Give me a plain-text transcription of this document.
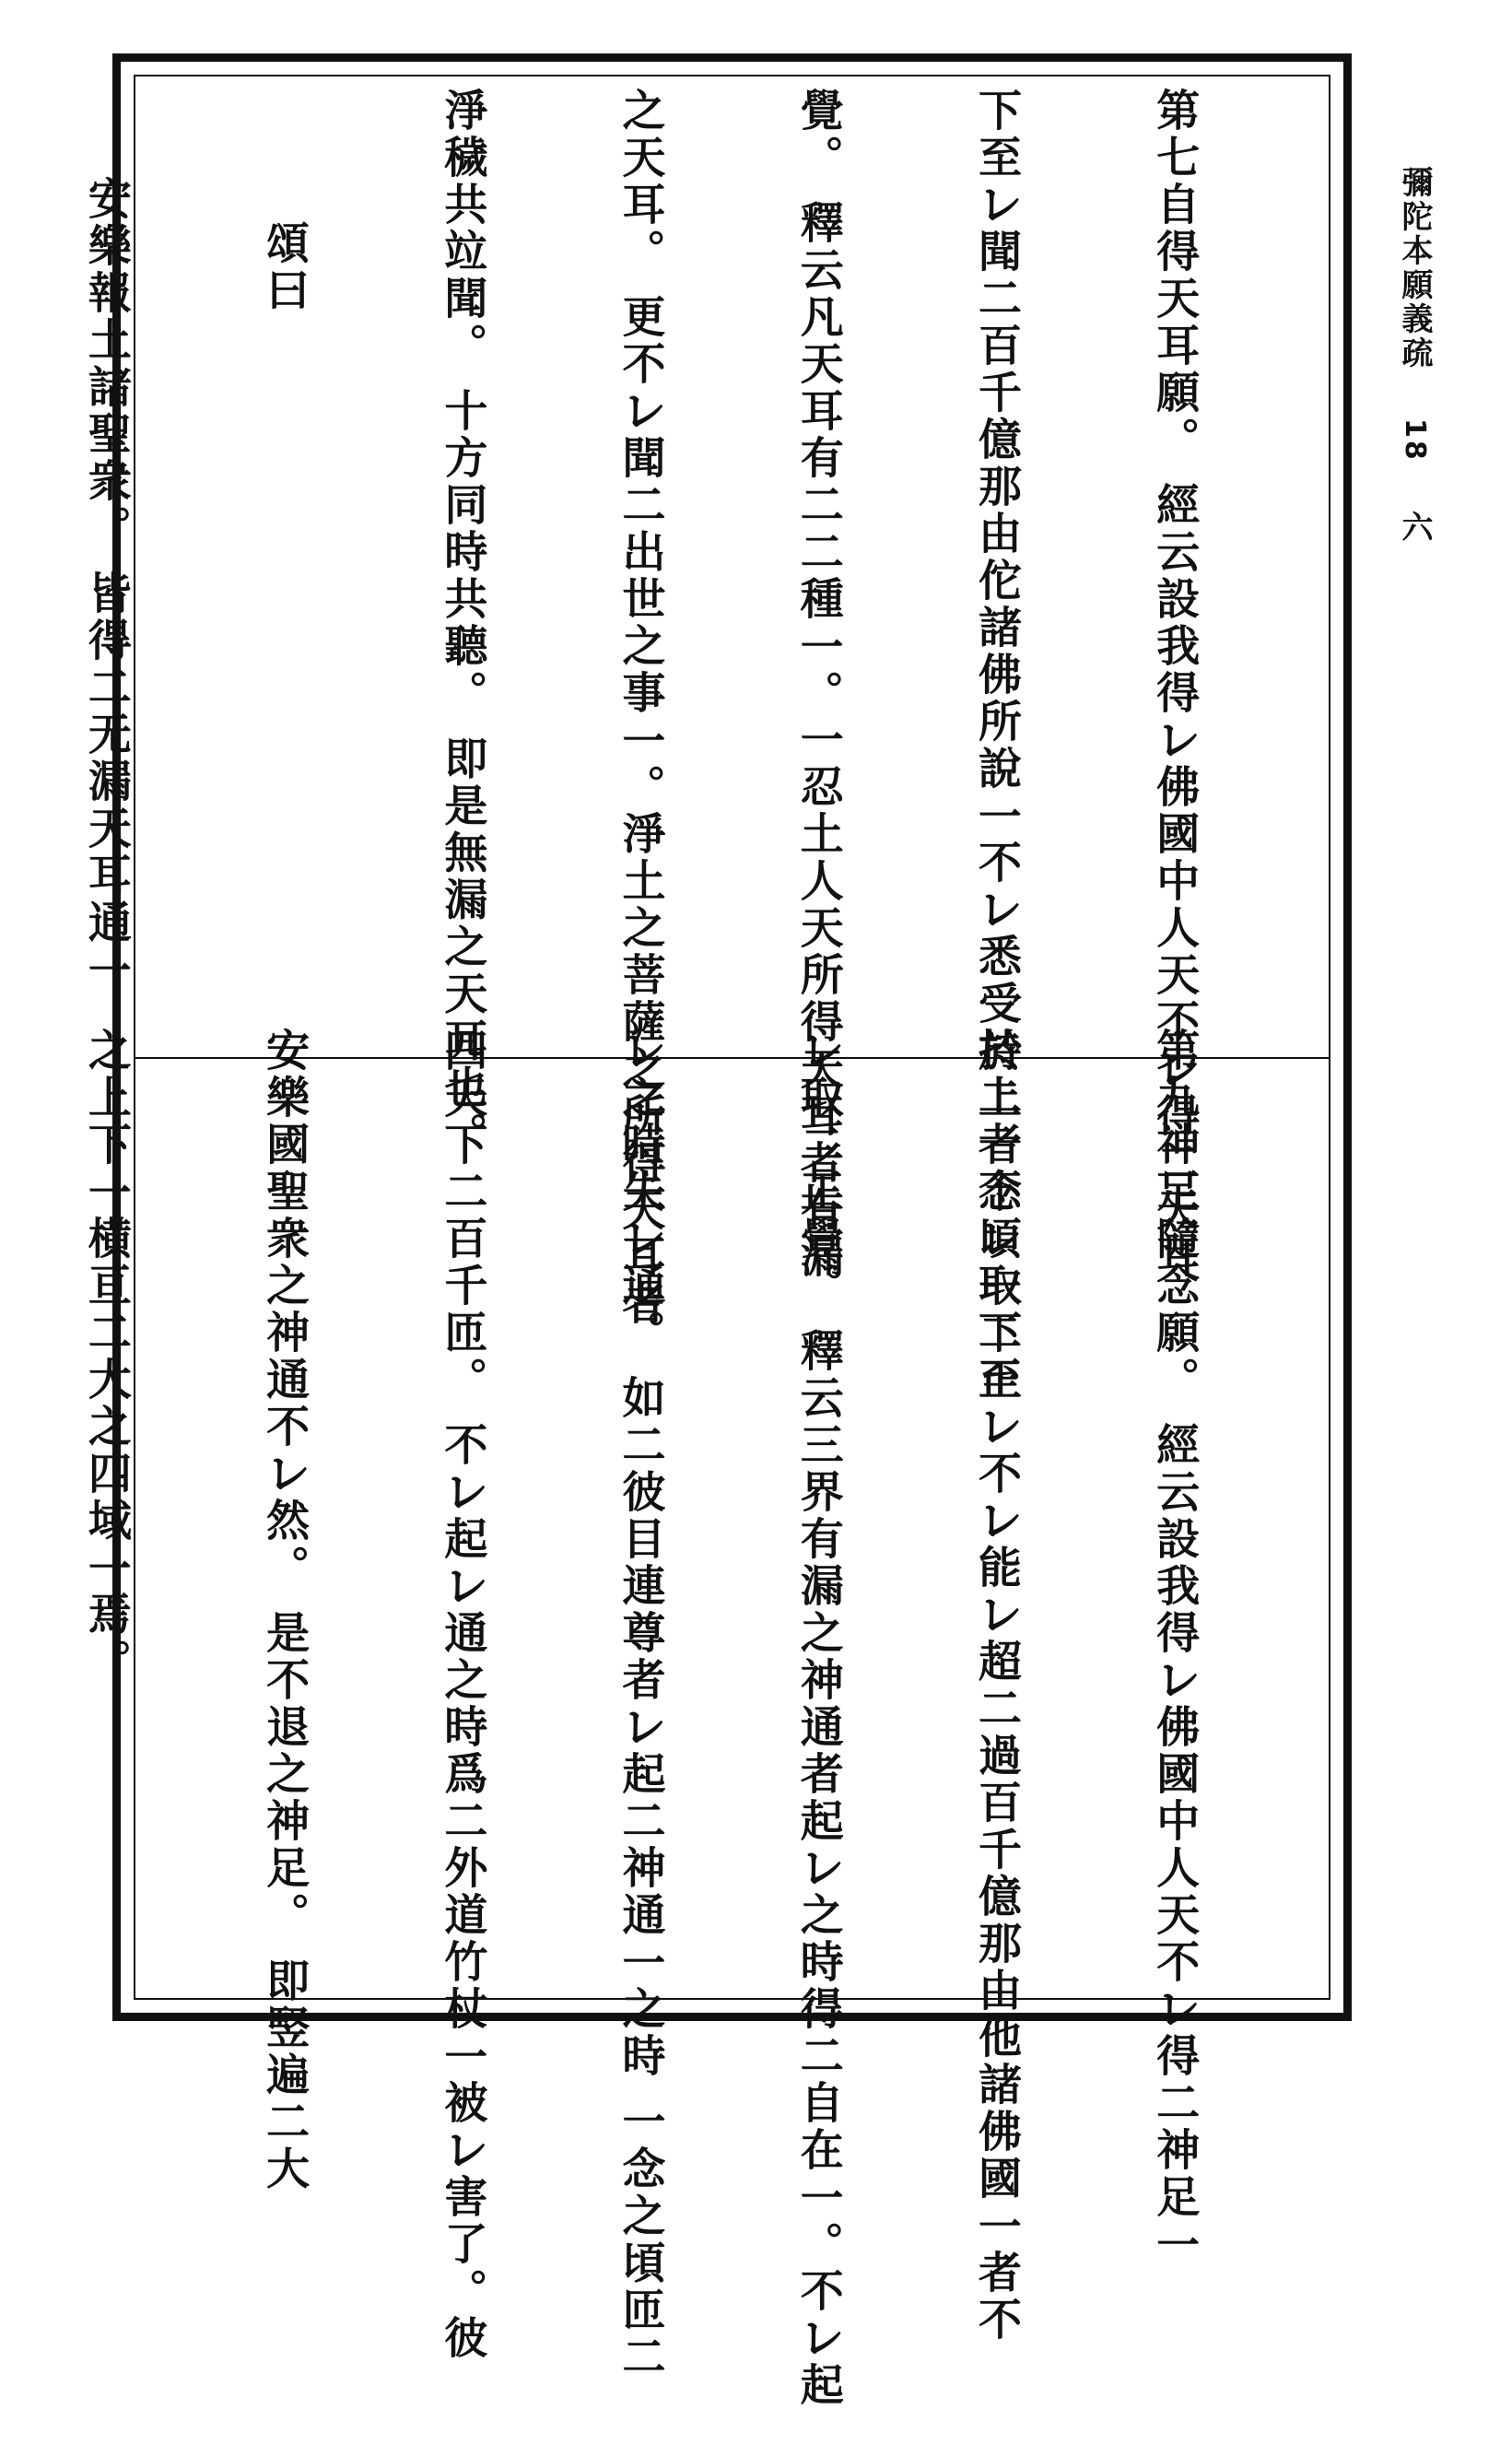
彌陀本願義疏18六

第七自得天耳願。 經云設我得㆑佛國中人天不㆑得㆓天耳

下至㆑聞㆓百千億那由佗諸佛所說㆒不㆑悉受持㆖者不㆑取㆓正

覺。 釋云凡天耳有㆓二種㆒。一忍土人天所得天耳者有漏

之天耳。 更不㆑聞㆓出世之事㆒。淨土之菩薩之所得天耳者

淨穢共竝聞。 十方同時共聽。 即是無漏之天耳也。

頌曰

安樂報土諸聖衆。 皆得㆓无漏天耳通㆒

第九神足隨念願。 經云設我得㆑佛國中人天不㆑得㆓神足㆒

於㆓一念頃㆒下至㆑不㆑能㆑超㆓過百千億那由他諸佛國㆒者不

㆑取㆓正覺。 釋云三界有漏之神通者起㆑之時得㆓自在㆒。不㆑起

㆑之時失㆑通。 如㆓彼目連尊者㆑起㆓神通㆒之時 一念之頃匝㆓

四天下㆓百千匝。 不㆑起㆑通之時爲㆓外道竹杖㆒被㆑害了。彼

安樂國聖衆之神通不㆑然。 是不退之神足。 即竪遍㆓大

之上下㆒横亘㆓大之四域㆒焉。
